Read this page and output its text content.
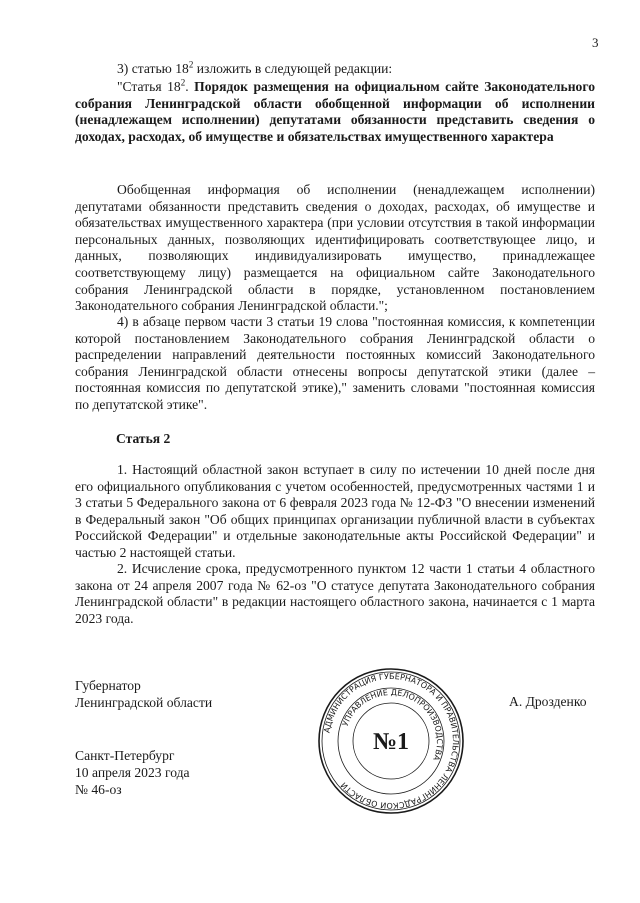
3
3) статью $18^2$ изложить в следующей редакции:
"Статья $18^2$. Порядок размещения на официальном сайте Законодательного собрания Ленинградской области обобщенной информации об исполнении (ненадлежащем исполнении) депутатами обязанности представить сведения о доходах, расходах, об имуществе и обязательствах имущественного характера
Обобщенная информация об исполнении (ненадлежащем исполнении) депутатами обязанности представить сведения о доходах, расходах, об имуществе и обязательствах имущественного характера (при условии отсутствия в такой информации персональных данных, позволяющих идентифицировать соответствующее лицо, и данных, позволяющих индивидуализировать имущество, принадлежащее соответствующему лицу) размещается на официальном сайте Законодательного собрания Ленинградской области в порядке, установленном постановлением Законодательного собрания Ленинградской области.";
4) в абзаце первом части 3 статьи 19 слова "постоянная комиссия, к компетенции которой постановлением Законодательного собрания Ленинградской области о распределении направлений деятельности постоянных комиссий Законодательного собрания Ленинградской области отнесены вопросы депутатской этики (далее – постоянная комиссия по депутатской этике)," заменить словами "постоянная комиссия по депутатской этике".
Статья 2
1. Настоящий областной закон вступает в силу по истечении 10 дней после дня его официального опубликования с учетом особенностей, предусмотренных частями 1 и 3 статьи 5 Федерального закона от 6 февраля 2023 года № 12-ФЗ "О внесении изменений в Федеральный закон "Об общих принципах организации публичной власти в субъектах Российской Федерации" и отдельные законодательные акты Российской Федерации" и частью 2 настоящей статьи.
2. Исчисление срока, предусмотренного пунктом 12 части 1 статьи 4 областного закона от 24 апреля 2007 года № 62-оз "О статусе депутата Законодательного собрания Ленинградской области" в редакции настоящего областного закона, начинается с 1 марта 2023 года.
Губернатор
Ленинградской области	А. Дрозденко
Санкт-Петербург
10 апреля 2023 года
№ 46-оз
АДМИНИСТРАЦИЯ ГУБЕРНАТОРА И ПРАВИТЕЛЬСТВА ЛЕНИНГРАДСКОЙ ОБЛАСТИ
УПРАВЛЕНИЕ ДЕЛОПРОИЗВОДСТВА
№1
